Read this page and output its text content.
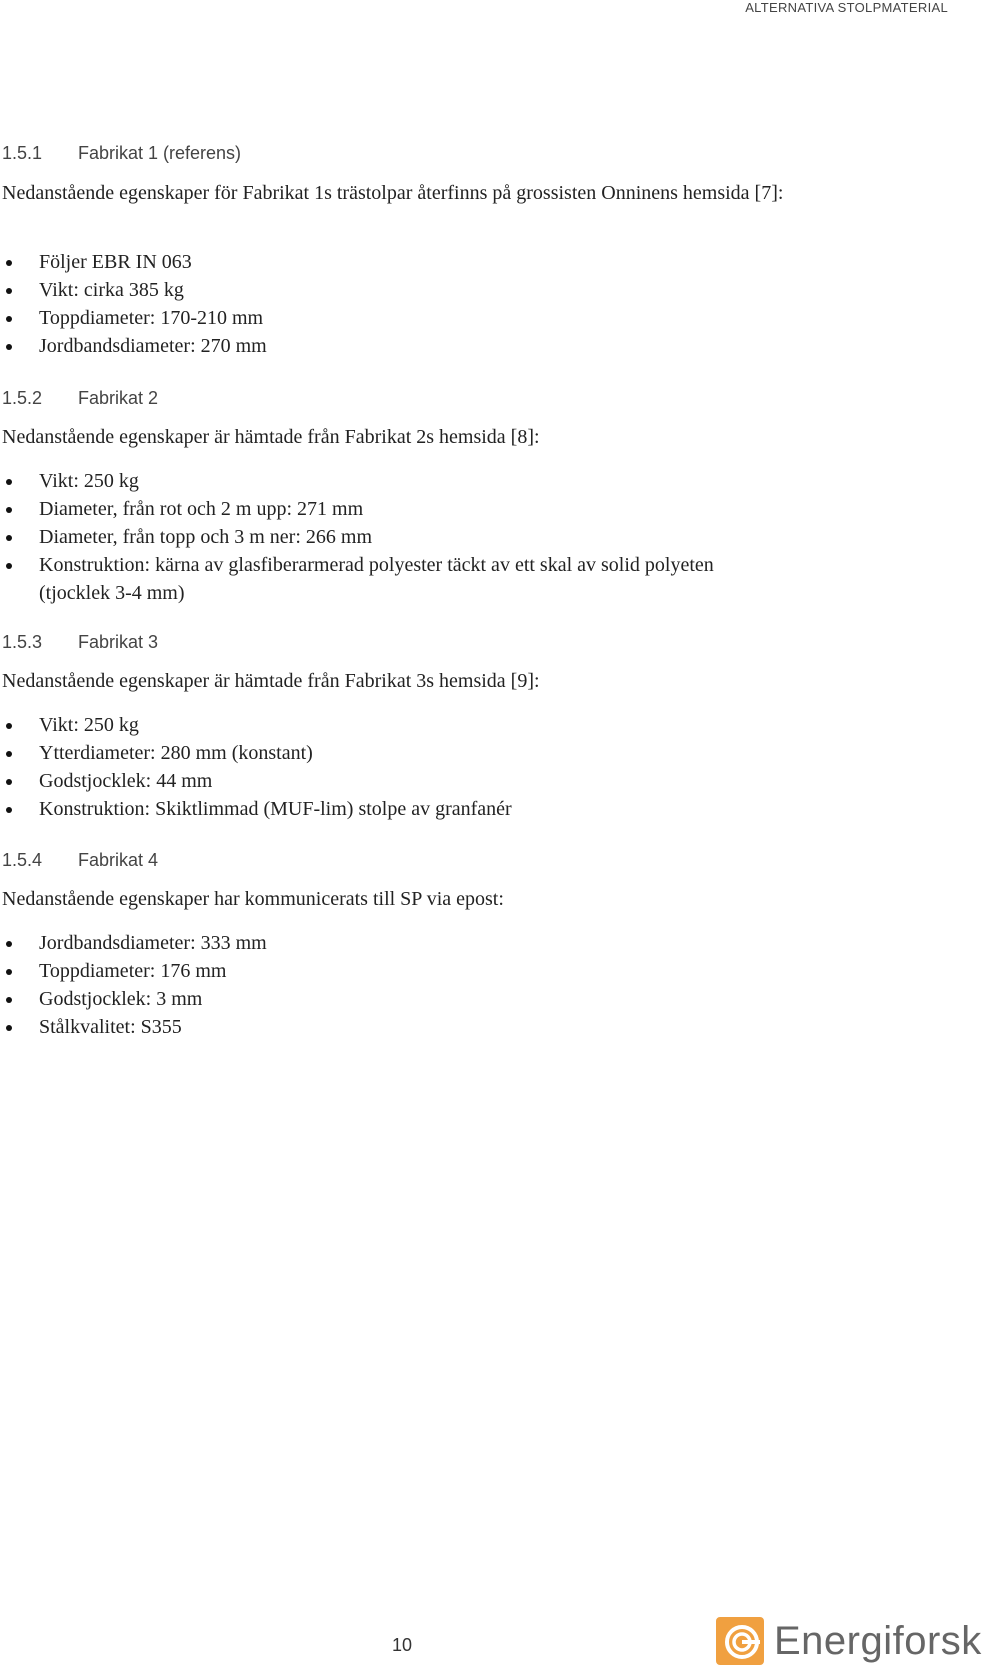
ALTERNATIVA STOLPMATERIAL
1.5.1 Fabrikat 1 (referens)

Nedanstående egenskaper för Fabrikat 1s trästolpar återfinns på grossisten Onninens hemsida [7]:

Följer EBR IN 063
Vikt: cirka 385 kg
Toppdiameter: 170-210 mm
Jordbandsdiameter: 270 mm
1.5.2 Fabrikat 2

Nedanstående egenskaper är hämtade från Fabrikat 2s hemsida [8]:

Vikt: 250 kg
Diameter, från rot och 2 m upp: 271 mm
Diameter, från topp och 3 m ner: 266 mm
Konstruktion: kärna av glasfiberarmerad polyester täckt av ett skal av solid polyeten (tjocklek 3-4 mm)
1.5.3 Fabrikat 3

Nedanstående egenskaper är hämtade från Fabrikat 3s hemsida [9]:

Vikt: 250 kg
Ytterdiameter: 280 mm (konstant)
Godstjocklek: 44 mm
Konstruktion: Skiktlimmad (MUF-lim) stolpe av granfanér
1.5.4 Fabrikat 4

Nedanstående egenskaper har kommunicerats till SP via epost:

Jordbandsdiameter: 333 mm
Toppdiameter: 176 mm
Godstjocklek: 3 mm
Stålkvalitet: S355
10	Energiforsk
